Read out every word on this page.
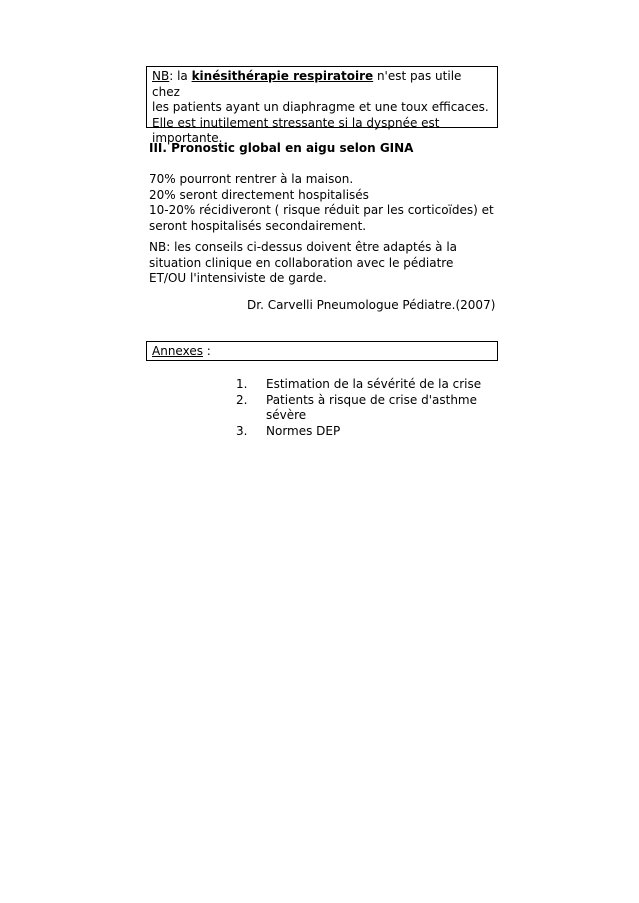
NB: la kinésithérapie respiratoire n'est pas utile chez
les patients ayant un diaphragme et une toux efficaces.
Elle est inutilement stressante si la dyspnée est
importante.
III. Pronostic global en aigu selon GINA
70% pourront rentrer à la maison.
20% seront directement hospitalisés
10-20% récidiveront ( risque réduit par les corticoïdes) et
seront hospitalisés secondairement.
NB: les conseils ci-dessus doivent être adaptés à la
situation clinique en collaboration avec le pédiatre
ET/OU l'intensiviste de garde.
Dr. Carvelli Pneumologue Pédiatre.(2007)
Annexes :
1.	Estimation de la sévérité de la crise
2.	Patients à risque de crise d'asthme sévère
3.	Normes DEP
